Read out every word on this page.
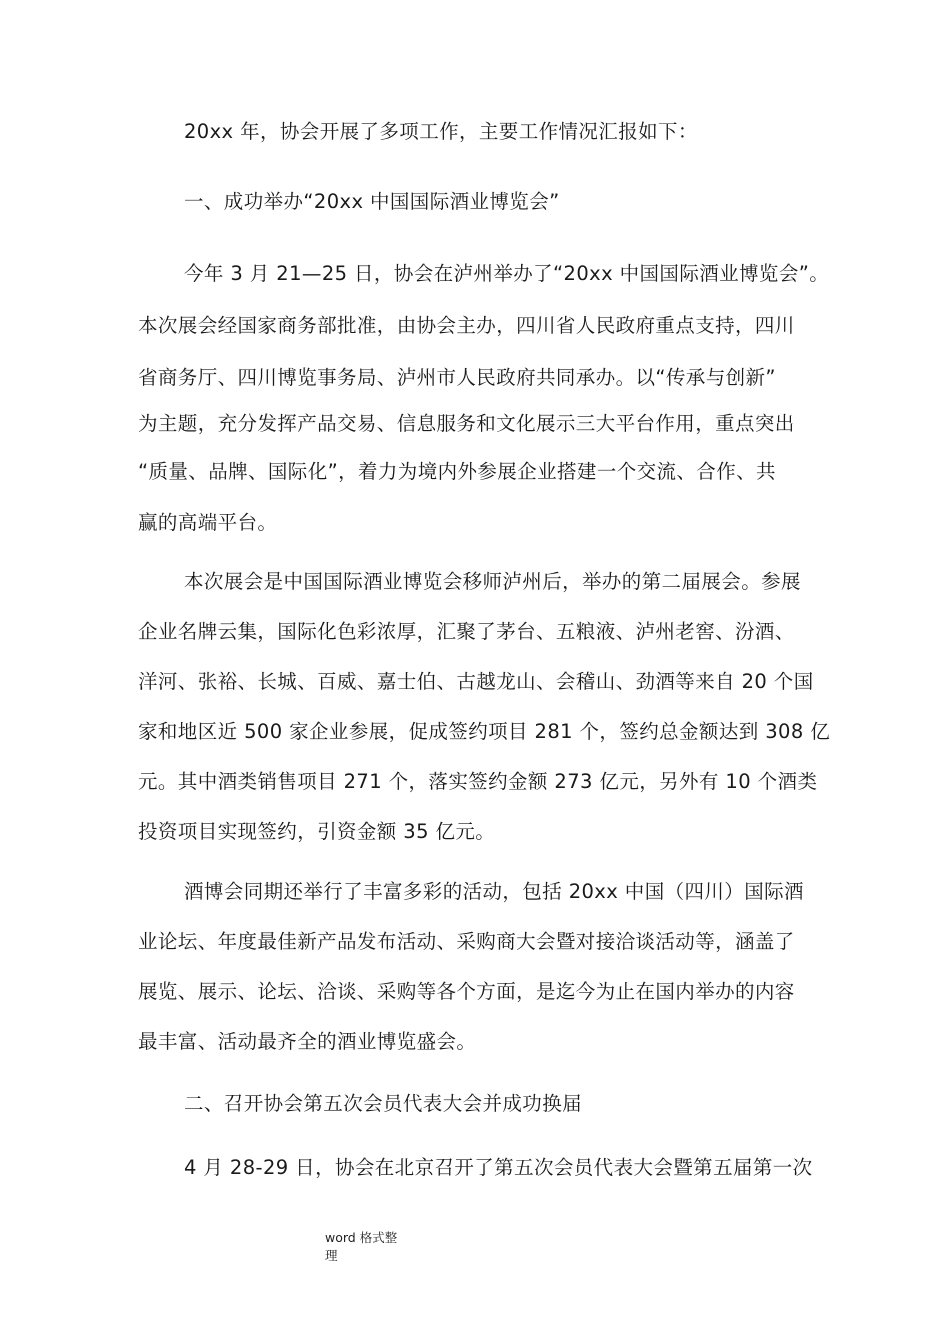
20xx 年，协会开展了多项工作，主要工作情况汇报如下：

一、成功举办“20xx 中国国际酒业博览会”

今年 3 月 21—25 日，协会在泸州举办了“20xx 中国国际酒业博览会”。

本次展会经国家商务部批准，由协会主办，四川省人民政府重点支持，四川

省商务厅、四川博览事务局、泸州市人民政府共同承办。以“传承与创新”

为主题，充分发挥产品交易、信息服务和文化展示三大平台作用，重点突出

“质量、品牌、国际化”，着力为境内外参展企业搭建一个交流、合作、共

赢的高端平台。

本次展会是中国国际酒业博览会移师泸州后，举办的第二届展会。参展

企业名牌云集，国际化色彩浓厚，汇聚了茅台、五粮液、泸州老窖、汾酒、

洋河、张裕、长城、百威、嘉士伯、古越龙山、会稽山、劲酒等来自 20 个国

家和地区近 500 家企业参展，促成签约项目 281 个，签约总金额达到 308 亿

元。其中酒类销售项目 271 个，落实签约金额 273 亿元，另外有 10 个酒类

投资项目实现签约，引资金额 35 亿元。

酒博会同期还举行了丰富多彩的活动，包括 20xx 中国（四川）国际酒

业论坛、年度最佳新产品发布活动、采购商大会暨对接洽谈活动等，涵盖了

展览、展示、论坛、洽谈、采购等各个方面，是迄今为止在国内举办的内容

最丰富、活动最齐全的酒业博览盛会。

二、召开协会第五次会员代表大会并成功换届

4 月 28-29 日，协会在北京召开了第五次会员代表大会暨第五届第一次

word 格式整理
